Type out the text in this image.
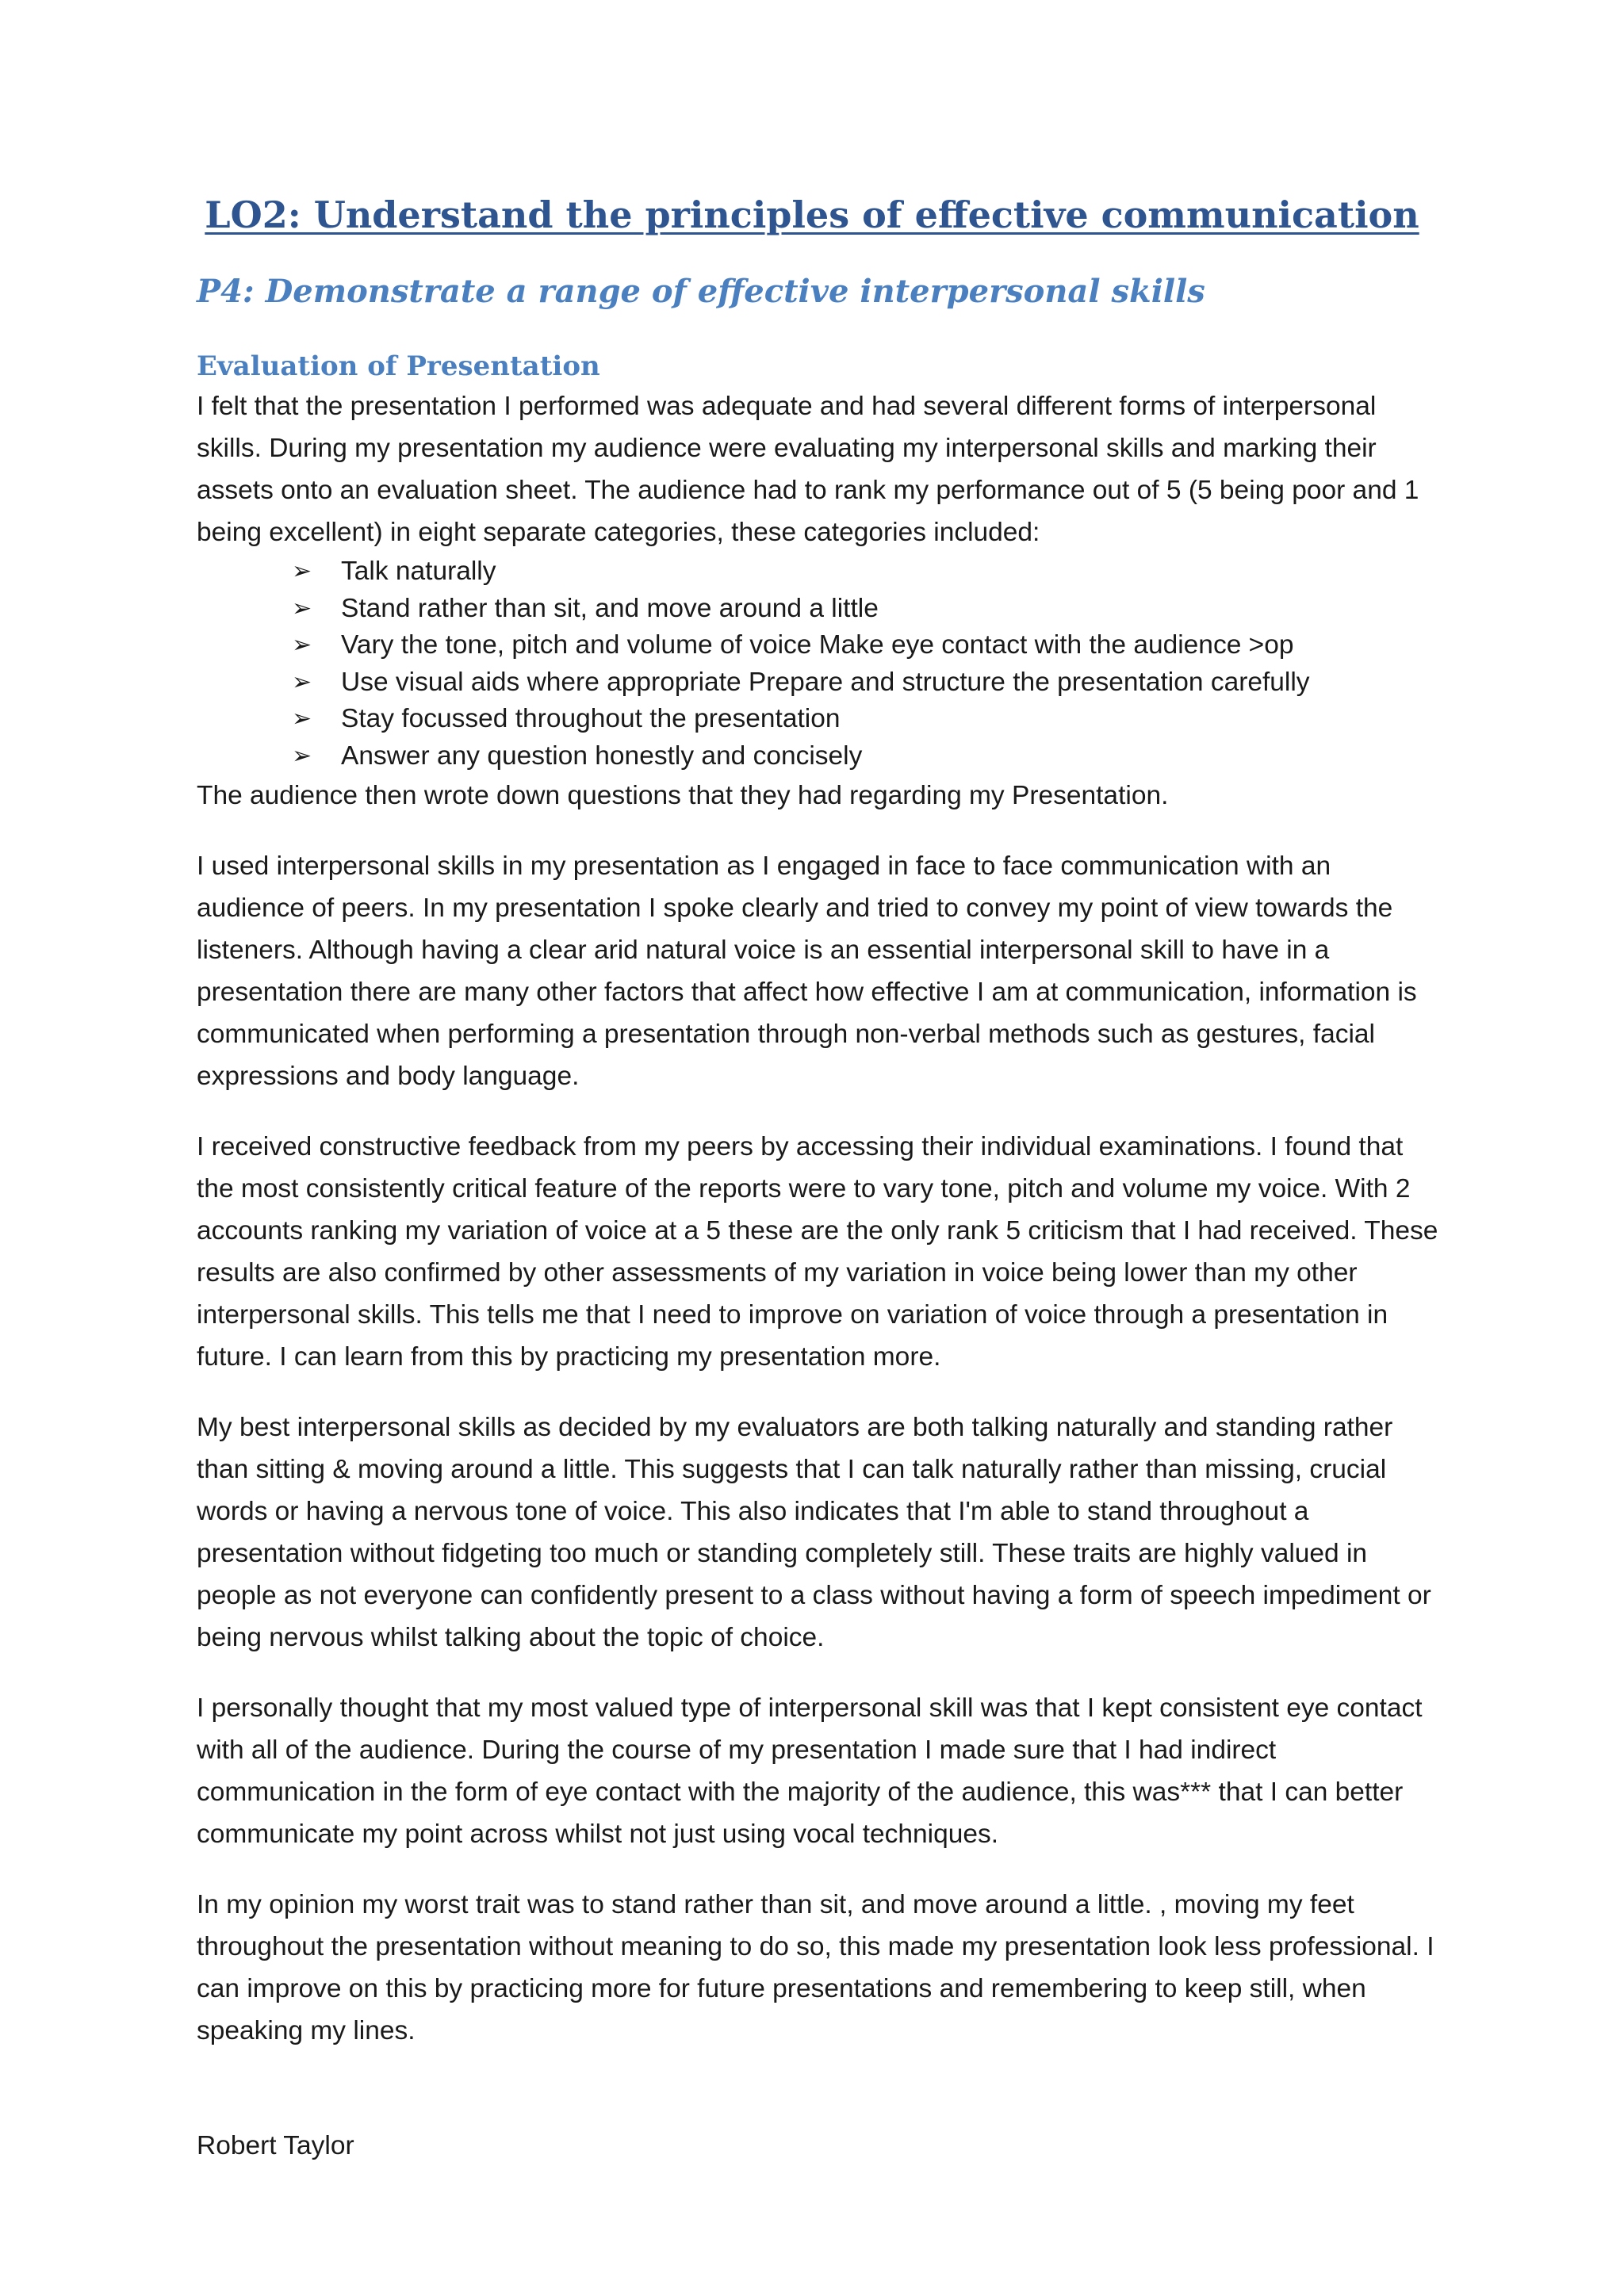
LO2: Understand the principles of effective communication
P4: Demonstrate a range of effective interpersonal skills
Evaluation of Presentation

I felt that the presentation I performed was adequate and had several different forms of interpersonal skills. During my presentation my audience were evaluating my interpersonal skills and marking their assets onto an evaluation sheet. The audience had to rank my performance out of 5 (5 being poor and 1 being excellent) in eight separate categories, these categories included:

➢ Talk naturally
➢ Stand rather than sit, and move around a little
➢ Vary the tone, pitch and volume of voice Make eye contact with the audience >op
➢ Use visual aids where appropriate Prepare and structure the presentation carefully
➢ Stay focussed throughout the presentation
➢ Answer any question honestly and concisely

The audience then wrote down questions that they had regarding my Presentation.

I used interpersonal skills in my presentation as I engaged in face to face communication with an audience of peers. In my presentation I spoke clearly and tried to convey my point of view towards the listeners. Although having a clear arid natural voice is an essential interpersonal skill to have in a presentation there are many other factors that affect how effective I am at communication, information is communicated when performing a presentation through non-verbal methods such as gestures, facial expressions and body language.

I received constructive feedback from my peers by accessing their individual examinations. I found that the most consistently critical feature of the reports were to vary tone, pitch and volume my voice. With 2 accounts ranking my variation of voice at a 5 these are the only rank 5 criticism that I had received. These results are also confirmed by other assessments of my variation in voice being lower than my other interpersonal skills. This tells me that I need to improve on variation of voice through a presentation in future. I can learn from this by practicing my presentation more.

My best interpersonal skills as decided by my evaluators are both talking naturally and standing rather than sitting & moving around a little. This suggests that I can talk naturally rather than missing, crucial words or having a nervous tone of voice. This also indicates that I'm able to stand throughout a presentation without fidgeting too much or standing completely still. These traits are highly valued in people as not everyone can confidently present to a class without having a form of speech impediment or being nervous whilst talking about the topic of choice.

I personally thought that my most valued type of interpersonal skill was that I kept consistent eye contact with all of the audience. During the course of my presentation I made sure that I had indirect communication in the form of eye contact with the majority of the audience, this was*** that I can better communicate my point across whilst not just using vocal techniques.

In my opinion my worst trait was to stand rather than sit, and move around a little. , moving my feet throughout the presentation without meaning to do so, this made my presentation look less professional. I can improve on this by practicing more for future presentations and remembering to keep still, when speaking my lines.

Robert Taylor
